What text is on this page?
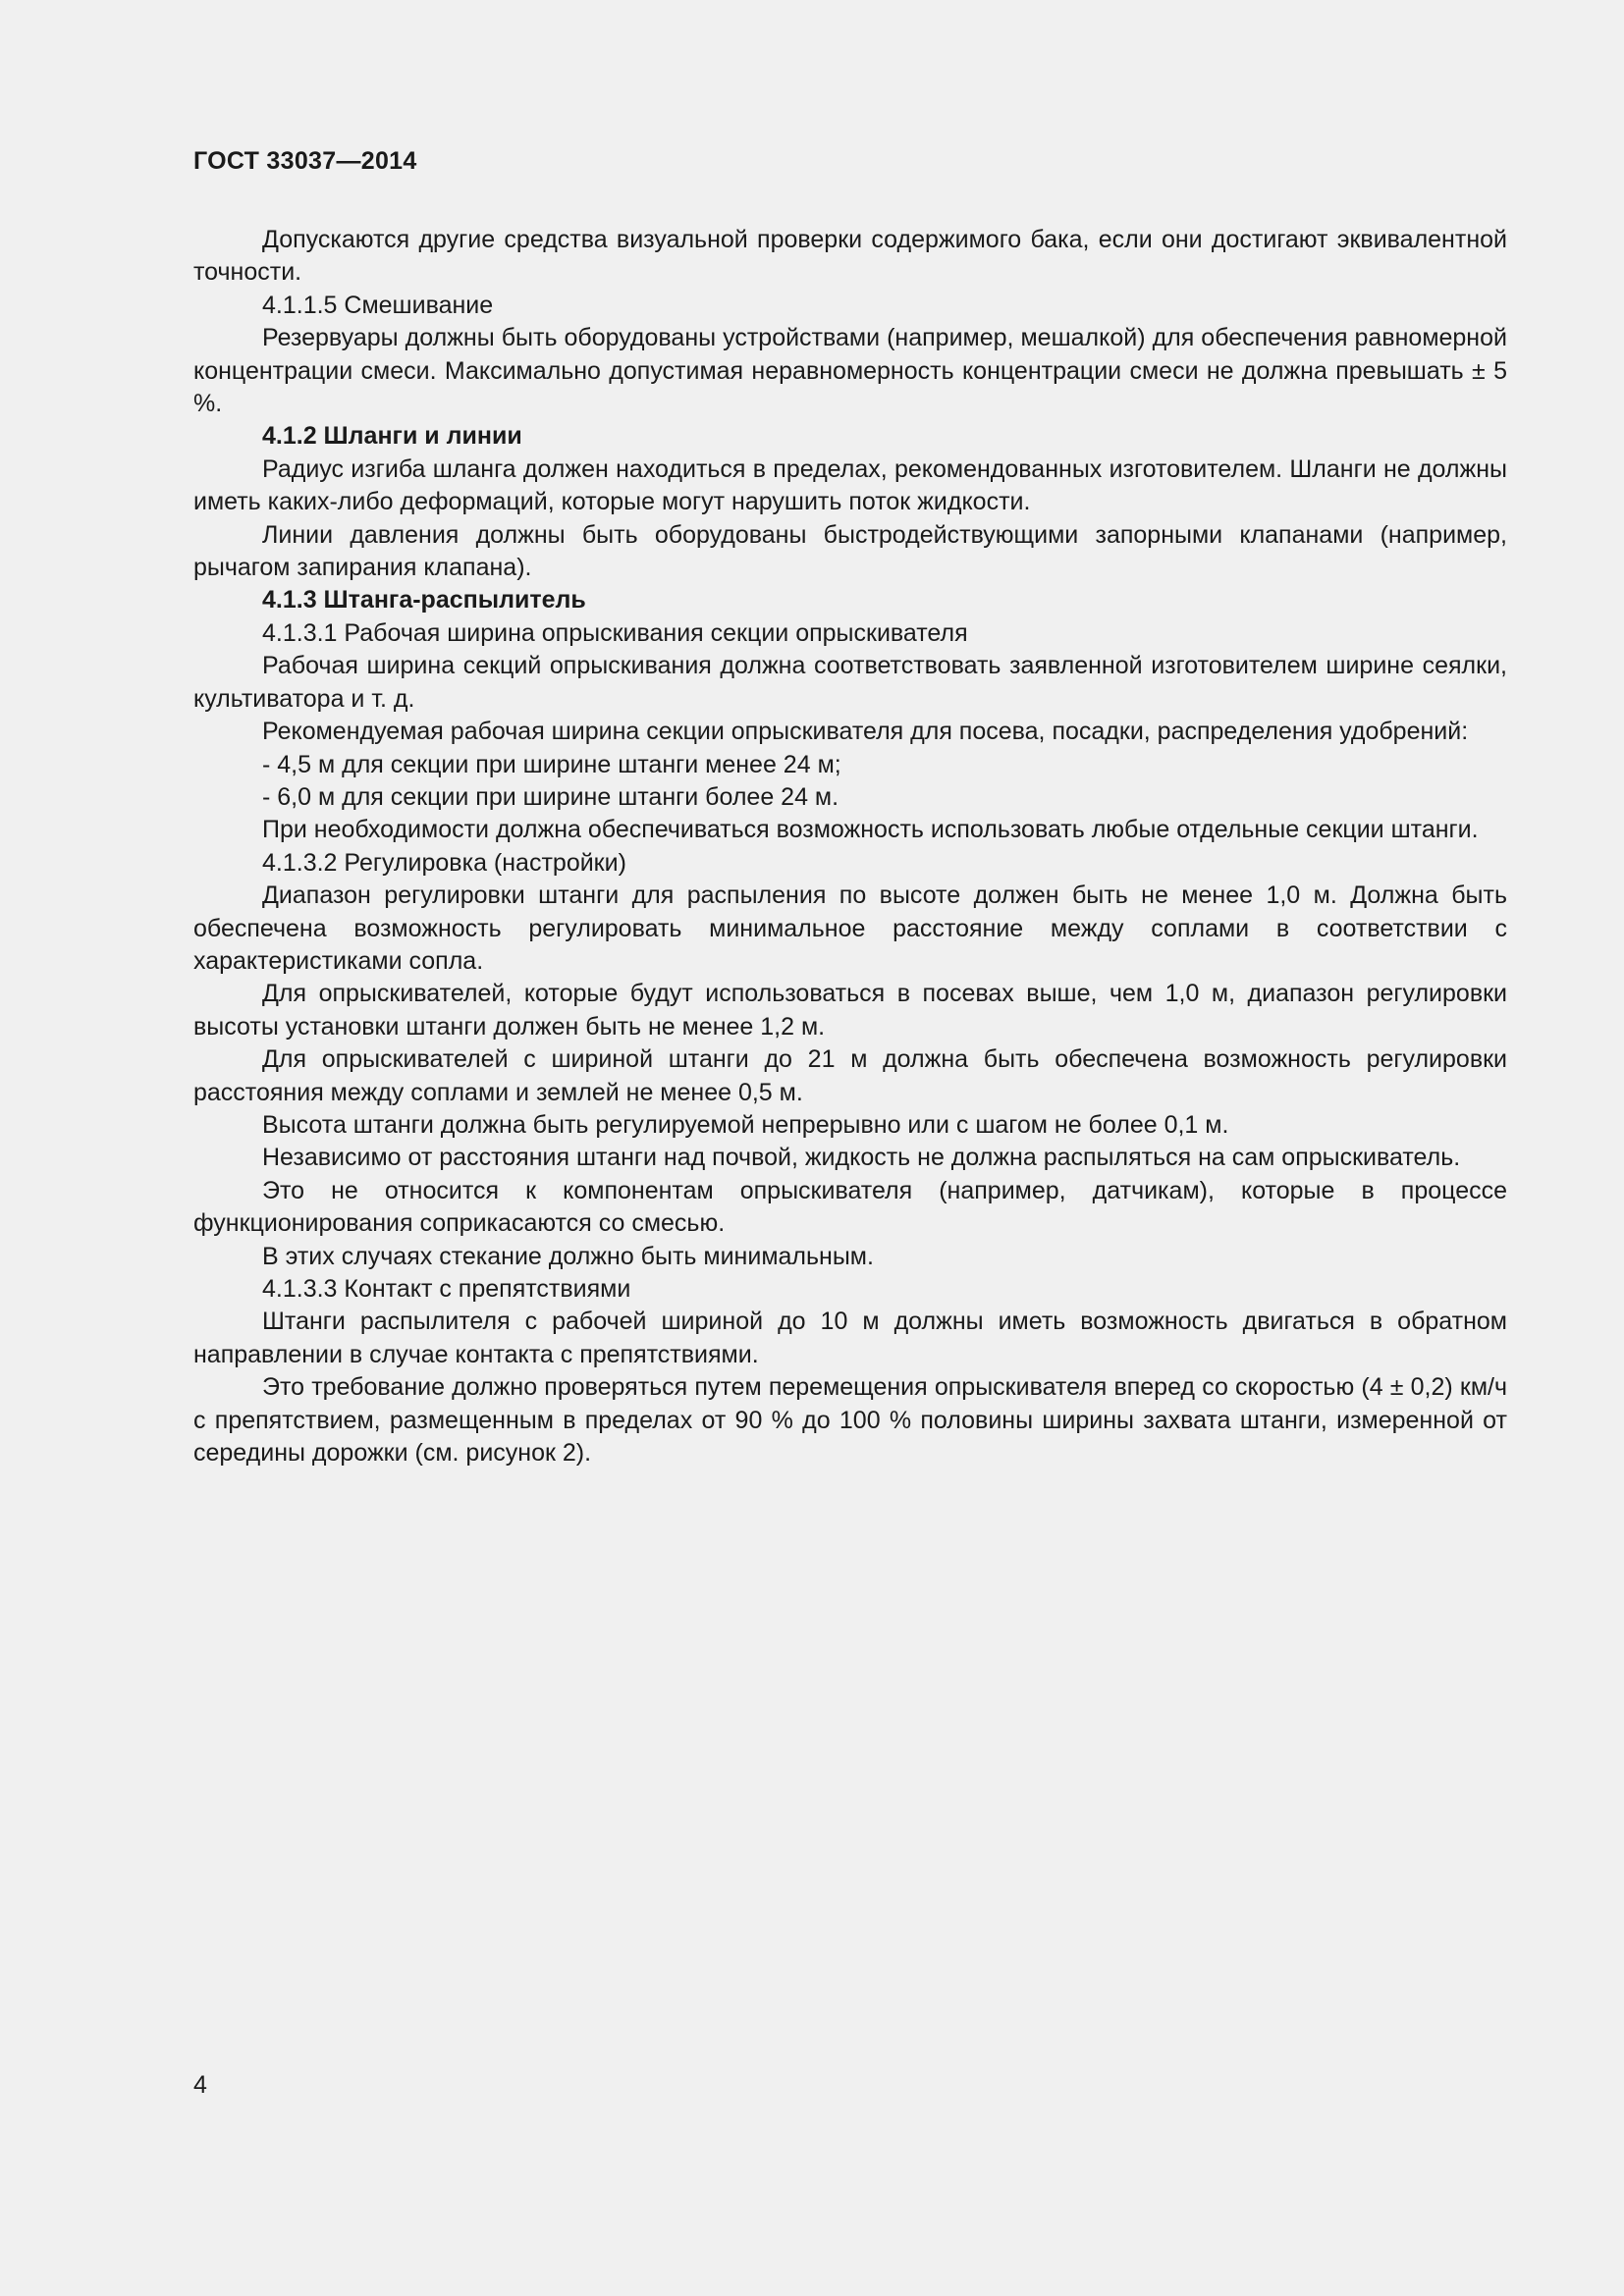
ГОСТ 33037—2014

Допускаются другие средства визуальной проверки содержимого бака, если они достигают эквивалентной точности.

4.1.1.5 Смешивание

Резервуары должны быть оборудованы устройствами (например, мешалкой) для обеспечения равномерной концентрации смеси. Максимально допустимая неравномерность концентрации смеси не должна превышать ± 5 %.

4.1.2 Шланги и линии

Радиус изгиба шланга должен находиться в пределах, рекомендованных изготовителем. Шланги не должны иметь каких-либо деформаций, которые могут нарушить поток жидкости.

Линии давления должны быть оборудованы быстродействующими запорными клапанами (например, рычагом запирания клапана).

4.1.3 Штанга-распылитель

4.1.3.1 Рабочая ширина опрыскивания секции опрыскивателя

Рабочая ширина секций опрыскивания должна соответствовать заявленной изготовителем ширине сеялки, культиватора и т. д.

Рекомендуемая рабочая ширина секции опрыскивателя для посева, посадки, распределения удобрений:

- 4,5 м для секции при ширине штанги менее 24 м;

- 6,0 м для секции при ширине штанги более 24 м.

При необходимости должна обеспечиваться возможность использовать любые отдельные секции штанги.

4.1.3.2 Регулировка (настройки)

Диапазон регулировки штанги для распыления по высоте должен быть не менее 1,0 м. Должна быть обеспечена возможность регулировать минимальное расстояние между соплами в соответствии с характеристиками сопла.

Для опрыскивателей, которые будут использоваться в посевах выше, чем 1,0 м, диапазон регулировки высоты установки штанги должен быть не менее 1,2 м.

Для опрыскивателей с шириной штанги до 21 м должна быть обеспечена возможность регулировки расстояния между соплами и землей не менее 0,5 м.

Высота штанги должна быть регулируемой непрерывно или с шагом не более 0,1 м.

Независимо от расстояния штанги над почвой, жидкость не должна распыляться на сам опрыскиватель.

Это не относится к компонентам опрыскивателя (например, датчикам), которые в процессе функционирования соприкасаются со смесью.

В этих случаях стекание должно быть минимальным.

4.1.3.3 Контакт с препятствиями

Штанги распылителя с рабочей шириной до 10 м должны иметь возможность двигаться в обратном направлении в случае контакта с препятствиями.

Это требование должно проверяться путем перемещения опрыскивателя вперед со скоростью (4 ± 0,2) км/ч с препятствием, размещенным в пределах от 90 % до 100 % половины ширины захвата штанги, измеренной от середины дорожки (см. рисунок 2).

4
